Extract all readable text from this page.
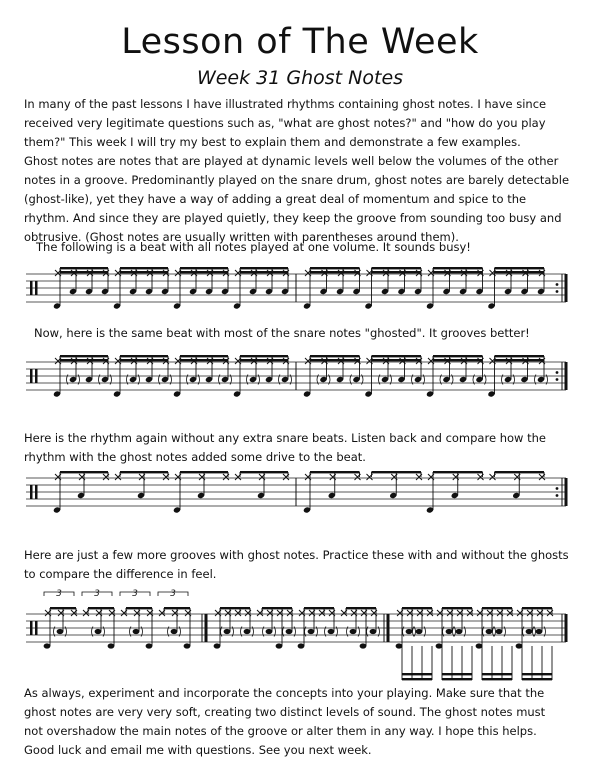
Lesson of The Week
Week 31 Ghost Notes

In many of the past lessons I have illustrated rhythms containing ghost notes. I have since
received very legitimate questions such as, "what are ghost notes?" and "how do you play
them?" This week I will try my best to explain them and demonstrate a few examples.
Ghost notes are notes that are played at dynamic levels well below the volumes of the other
notes in a groove. Predominantly played on the snare drum, ghost notes are barely detectable
(ghost-like), yet they have a way of adding a great deal of momentum and spice to the
rhythm. And since they are played quietly, they keep the groove from sounding too busy and
obtrusive. (Ghost notes are usually written with parentheses around them).

The following is a beat with all notes played at one volume. It sounds busy!

Now, here is the same beat with most of the snare notes "ghosted". It grooves better!

Here is the rhythm again without any extra snare beats. Listen back and compare how the
rhythm with the ghost notes added some drive to the beat.

Here are just a few more grooves with ghost notes. Practice these with and without the ghosts
to compare the difference in feel.

3	3	3	3

As always, experiment and incorporate the concepts into your playing. Make sure that the
ghost notes are very very soft, creating two distinct levels of sound. The ghost notes must
not overshadow the main notes of the groove or alter them in any way. I hope this helps.
Good luck and email me with questions. See you next week.
